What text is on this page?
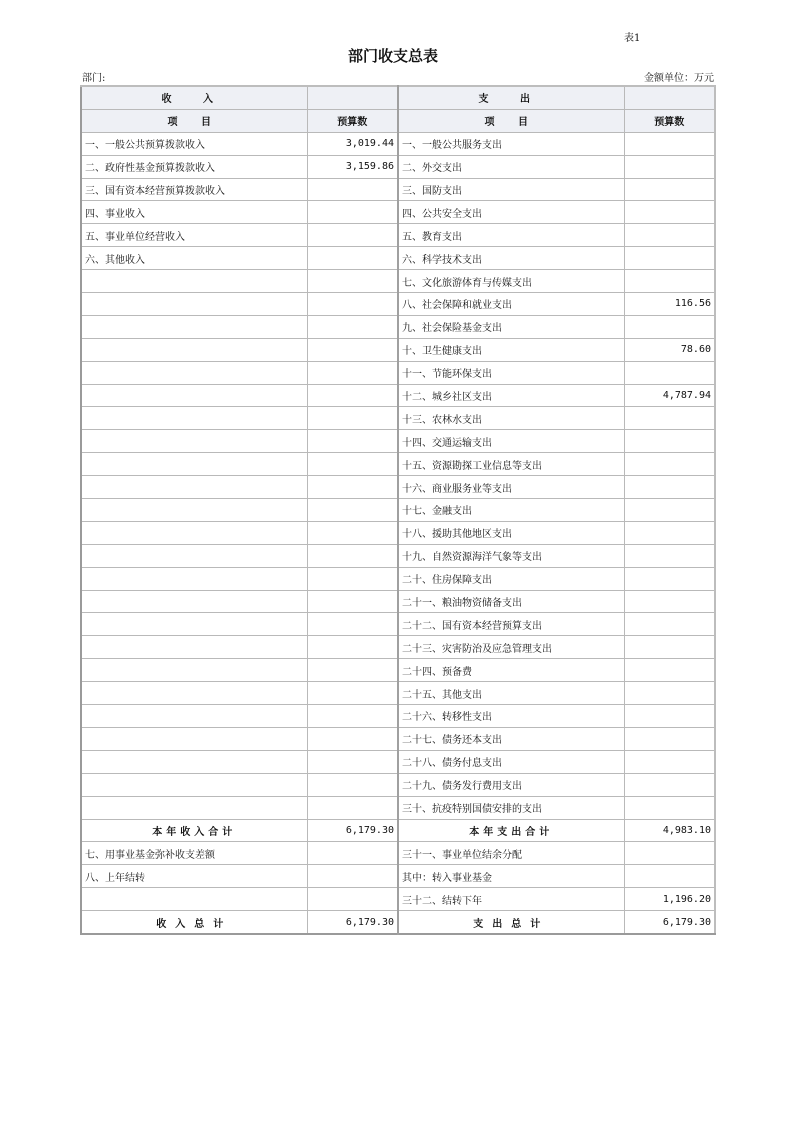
表1
部门收支总表
部门:	金额单位：万元
收 入		支 出	
项 目	预算数	项 目	预算数
一、一般公共预算拨款收入	3,019.44	一、一般公共服务支出	
二、政府性基金预算拨款收入	3,159.86	二、外交支出	
三、国有资本经营预算拨款收入		三、国防支出	
四、事业收入		四、公共安全支出	
五、事业单位经营收入		五、教育支出	
六、其他收入		六、科学技术支出	
		七、文化旅游体育与传媒支出	
		八、社会保障和就业支出	116.56
		九、社会保险基金支出	
		十、卫生健康支出	78.60
		十一、节能环保支出	
		十二、城乡社区支出	4,787.94
		十三、农林水支出	
		十四、交通运输支出	
		十五、资源勘探工业信息等支出	
		十六、商业服务业等支出	
		十七、金融支出	
		十八、援助其他地区支出	
		十九、自然资源海洋气象等支出	
		二十、住房保障支出	
		二十一、粮油物资储备支出	
		二十二、国有资本经营预算支出	
		二十三、灾害防治及应急管理支出	
		二十四、预备费	
		二十五、其他支出	
		二十六、转移性支出	
		二十七、债务还本支出	
		二十八、债务付息支出	
		二十九、债务发行费用支出	
		三十、抗疫特别国债安排的支出	
本年收入合计	6,179.30	本年支出合计	4,983.10
七、用事业基金弥补收支差额		三十一、事业单位结余分配	
八、上年结转		其中：转入事业基金	
		三十二、结转下年	1,196.20
收入总计	6,179.30	支出总计	6,179.30
